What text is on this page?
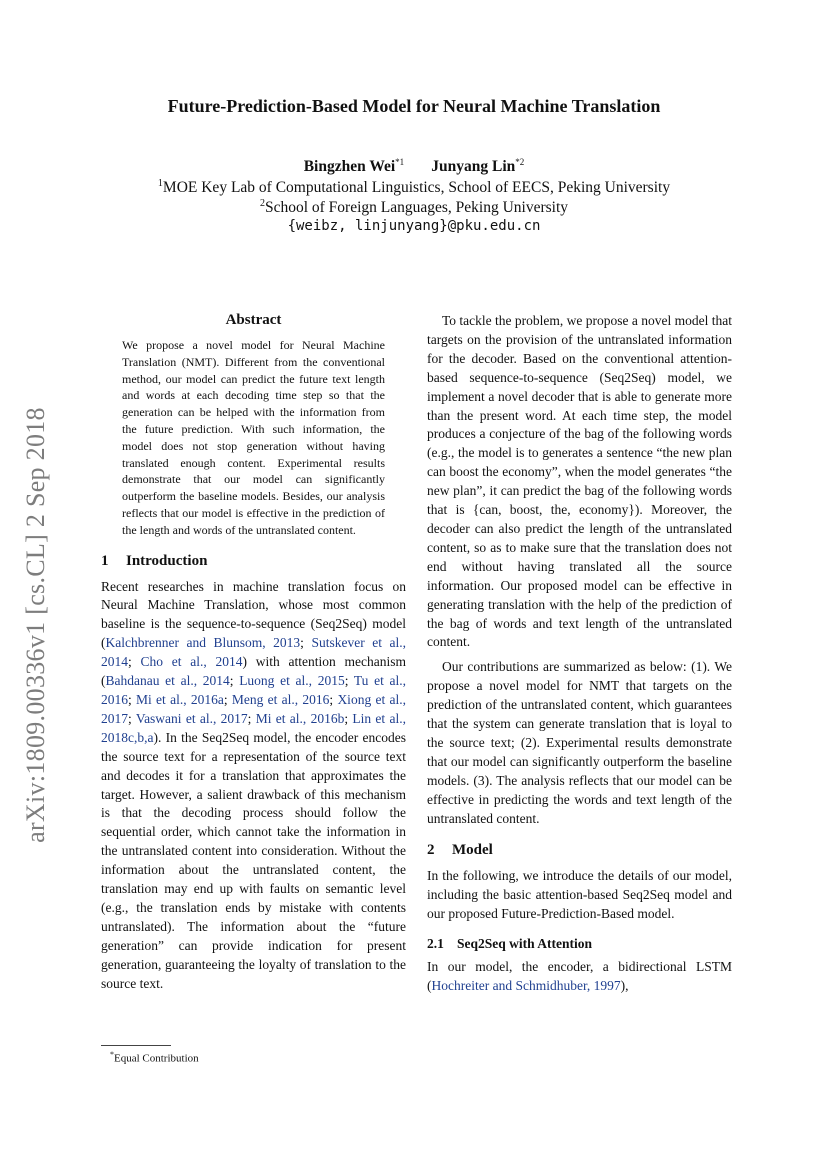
arXiv:1809.00336v1 [cs.CL] 2 Sep 2018
Future-Prediction-Based Model for Neural Machine Translation
Bingzhen Wei$^{*1}$ Junyang Lin$^{*2}$
$^1$MOE Key Lab of Computational Linguistics, School of EECS, Peking University
$^2$School of Foreign Languages, Peking University
{weibz, linjunyang}@pku.edu.cn
Abstract

We propose a novel model for Neural Machine Translation (NMT). Different from the conventional method, our model can predict the future text length and words at each decoding time step so that the generation can be helped with the information from the future prediction. With such information, the model does not stop generation without having translated enough content. Experimental results demonstrate that our model can significantly outperform the baseline models. Besides, our analysis reflects that our model is effective in the prediction of the length and words of the untranslated content.

1 Introduction

Recent researches in machine translation focus on Neural Machine Translation, whose most common baseline is the sequence-to-sequence (Seq2Seq) model (Kalchbrenner and Blunsom, 2013; Sutskever et al., 2014; Cho et al., 2014) with attention mechanism (Bahdanau et al., 2014; Luong et al., 2015; Tu et al., 2016; Mi et al., 2016a; Meng et al., 2016; Xiong et al., 2017; Vaswani et al., 2017; Mi et al., 2016b; Lin et al., 2018c,b,a). In the Seq2Seq model, the encoder encodes the source text for a representation of the source text and decodes it for a translation that approximates the target. However, a salient drawback of this mechanism is that the decoding process should follow the sequential order, which cannot take the information in the untranslated content into consideration. Without the information about the untranslated content, the translation may end up with faults on semantic level (e.g., the translation ends by mistake with contents untranslated). The information about the “future generation” can provide indication for present generation, guaranteeing the loyalty of translation to the source text.

To tackle the problem, we propose a novel model that targets on the provision of the untranslated information for the decoder. Based on the conventional attention-based sequence-to-sequence (Seq2Seq) model, we implement a novel decoder that is able to generate more than the present word. At each time step, the model produces a conjecture of the bag of the following words (e.g., the model is to generates a sentence “the new plan can boost the economy”, when the model generates “the new plan”, it can predict the bag of the following words that is {can, boost, the, economy}). Moreover, the decoder can also predict the length of the untranslated content, so as to make sure that the translation does not end without having translated all the source information. Our proposed model can be effective in generating translation with the help of the prediction of the bag of words and text length of the untranslated content.

Our contributions are summarized as below: (1). We propose a novel model for NMT that targets on the prediction of the untranslated content, which guarantees that the system can generate translation that is loyal to the source text; (2). Experimental results demonstrate that our model can significantly outperform the baseline models. (3). The analysis reflects that our model can be effective in predicting the words and text length of the untranslated content.

2 Model

In the following, we introduce the details of our model, including the basic attention-based Seq2Seq model and our proposed Future-Prediction-Based model.

2.1 Seq2Seq with Attention

In our model, the encoder, a bidirectional LSTM (Hochreiter and Schmidhuber, 1997),

*Equal Contribution
